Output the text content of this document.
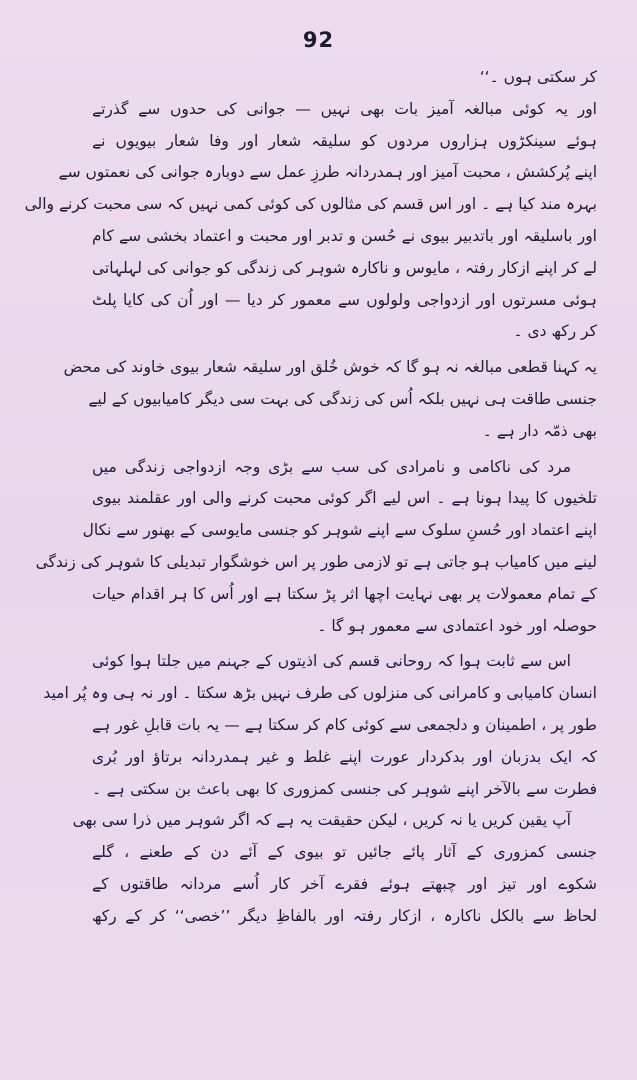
92
کر سکتی ہوں ۔‘‘
اور یہ کوئی مبالغہ آمیز بات بھی نہیں — جوانی کی حدوں سے گذرتے
ہوئے سینکڑوں ہزاروں مردوں کو سلیقہ شعار اور وفا شعار بیویوں نے
اپنے پُرکشش ، محبت آمیز اور ہمدردانہ طرزِ عمل سے دوبارہ جوانی کی نعمتوں سے
بہرہ مند کیا ہے ۔ اور اس قسم کی مثالوں کی کوئی کمی نہیں کہ سی محبت کرنے والی
اور باسلیقہ اور باتدبیر بیوی نے حُسن و تدبر اور محبت و اعتماد بخشی سے کام
لے کر اپنے ازکار رفتہ ، مایوس و ناکارہ شوہر کی زندگی کو جوانی کی لہلہاتی
ہوئی مسرتوں اور ازدواجی ولولوں سے معمور کر دیا — اور اُن کی کایا پلٹ
کر رکھ دی ۔
یہ کہنا قطعی مبالغہ نہ ہو گا کہ خوش خُلق اور سلیقہ شعار بیوی خاوند کی محض
جنسی طاقت ہی نہیں بلکہ اُس کی زندگی کی بہت سی دیگر کامیابیوں کے لیے
بھی ذمّہ دار ہے ۔
مرد کی ناکامی و نامرادی کی سب سے بڑی وجہ ازدواجی زندگی میں
تلخیوں کا پیدا ہونا ہے ۔ اس لیے اگر کوئی محبت کرنے والی اور عقلمند بیوی
اپنے اعتماد اور حُسنِ سلوک سے اپنے شوہر کو جنسی مایوسی کے بھنور سے نکال
لینے میں کامیاب ہو جاتی ہے تو لازمی طور پر اس خوشگوار تبدیلی کا شوہر کی زندگی
کے تمام معمولات پر بھی نہایت اچھا اثر پڑ سکتا ہے اور اُس کا ہر اقدام حیات
حوصلہ اور خود اعتمادی سے معمور ہو گا ۔
اس سے ثابت ہوا کہ روحانی قسم کی اذیتوں کے جہنم میں جلتا ہوا کوئی
انسان کامیابی و کامرانی کی منزلوں کی طرف نہیں بڑھ سکتا ۔ اور نہ ہی وہ پُر امید
طور پر ، اطمینان و دلجمعی سے کوئی کام کر سکتا ہے — یہ بات قابلِ غور ہے
کہ ایک بدزبان اور بدکردار عورت اپنے غلط و غیر ہمدردانہ برتاؤ اور بُری
فطرت سے بالآخر اپنے شوہر کی جنسی کمزوری کا بھی باعث بن سکتی ہے ۔
آپ یقین کریں یا نہ کریں ، لیکن حقیقت یہ ہے کہ اگر شوہر میں ذرا سی بھی
جنسی کمزوری کے آثار پائے جائیں تو بیوی کے آئے دن کے طعنے ، گلے
شکوے اور تیز اور چبھتے ہوئے فقرے آخر کار اُسے مردانہ طاقتوں کے
لحاظ سے بالکل ناکارہ ، ازکار رفتہ اور بالفاظِ دیگر ’’خصی‘‘ کر کے رکھ
